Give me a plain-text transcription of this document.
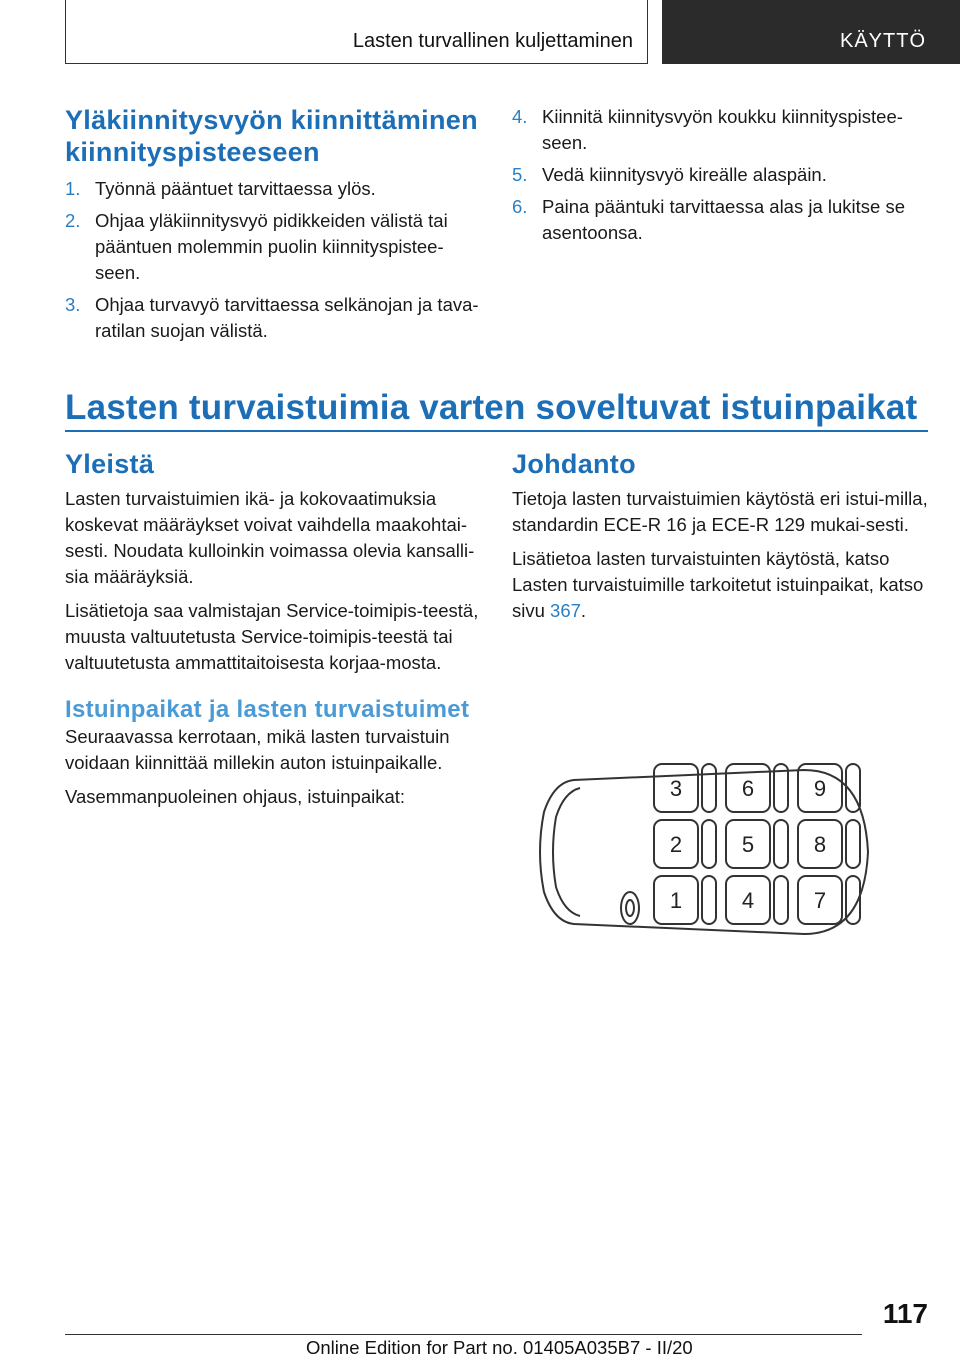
Lasten turvallinen kuljettaminen	KÄYTTÖ
Yläkiinnitysvyön kiinnittäminen
kiinnityspisteeseen
1. Työnnä pääntuet tarvittaessa ylös.
2. Ohjaa yläkiinnitysvyö pidikkeiden välistä tai pääntuen molemmin puolin kiinnityspistee-seen.
3. Ohjaa turvavyö tarvittaessa selkänojan ja tava-ratilan suojan välistä.
4. Kiinnitä kiinnitysvyön koukku kiinnityspistee-seen.
5. Vedä kiinnitysvyö kireälle alaspäin.
6. Paina pääntuki tarvittaessa alas ja lukitse se asentoonsa.
Lasten turvaistuimia varten soveltuvat istuinpaikat
Yleistä

Lasten turvaistuimien ikä- ja kokovaatimuksia koskevat määräykset voivat vaihdella maakohtai-sesti. Noudata kulloinkin voimassa olevia kansalli-sia määräyksiä.

Lisätietoja saa valmistajan Service-toimipis-teestä, muusta valtuutetusta Service-toimipis-teestä tai valtuutetusta ammattitaitoisesta korjaa-mosta.

Istuinpaikat ja lasten turvaistuimet

Seuraavassa kerrotaan, mikä lasten turvaistuin voidaan kiinnittää millekin auton istuinpaikalle.

Vasemmanpuoleinen ohjaus, istuinpaikat:

Johdanto

Tietoja lasten turvaistuimien käytöstä eri istui-milla, standardin ECE-R 16 ja ECE-R 129 mukai-sesti.

Lisätietoa lasten turvaistuinten käytöstä, katso Lasten turvaistuimille tarkoitetut istuinpaikat, katso sivu 367.

3	6	9
2	5	8
1	4	7
117
Online Edition for Part no. 01405A035B7 - II/20
